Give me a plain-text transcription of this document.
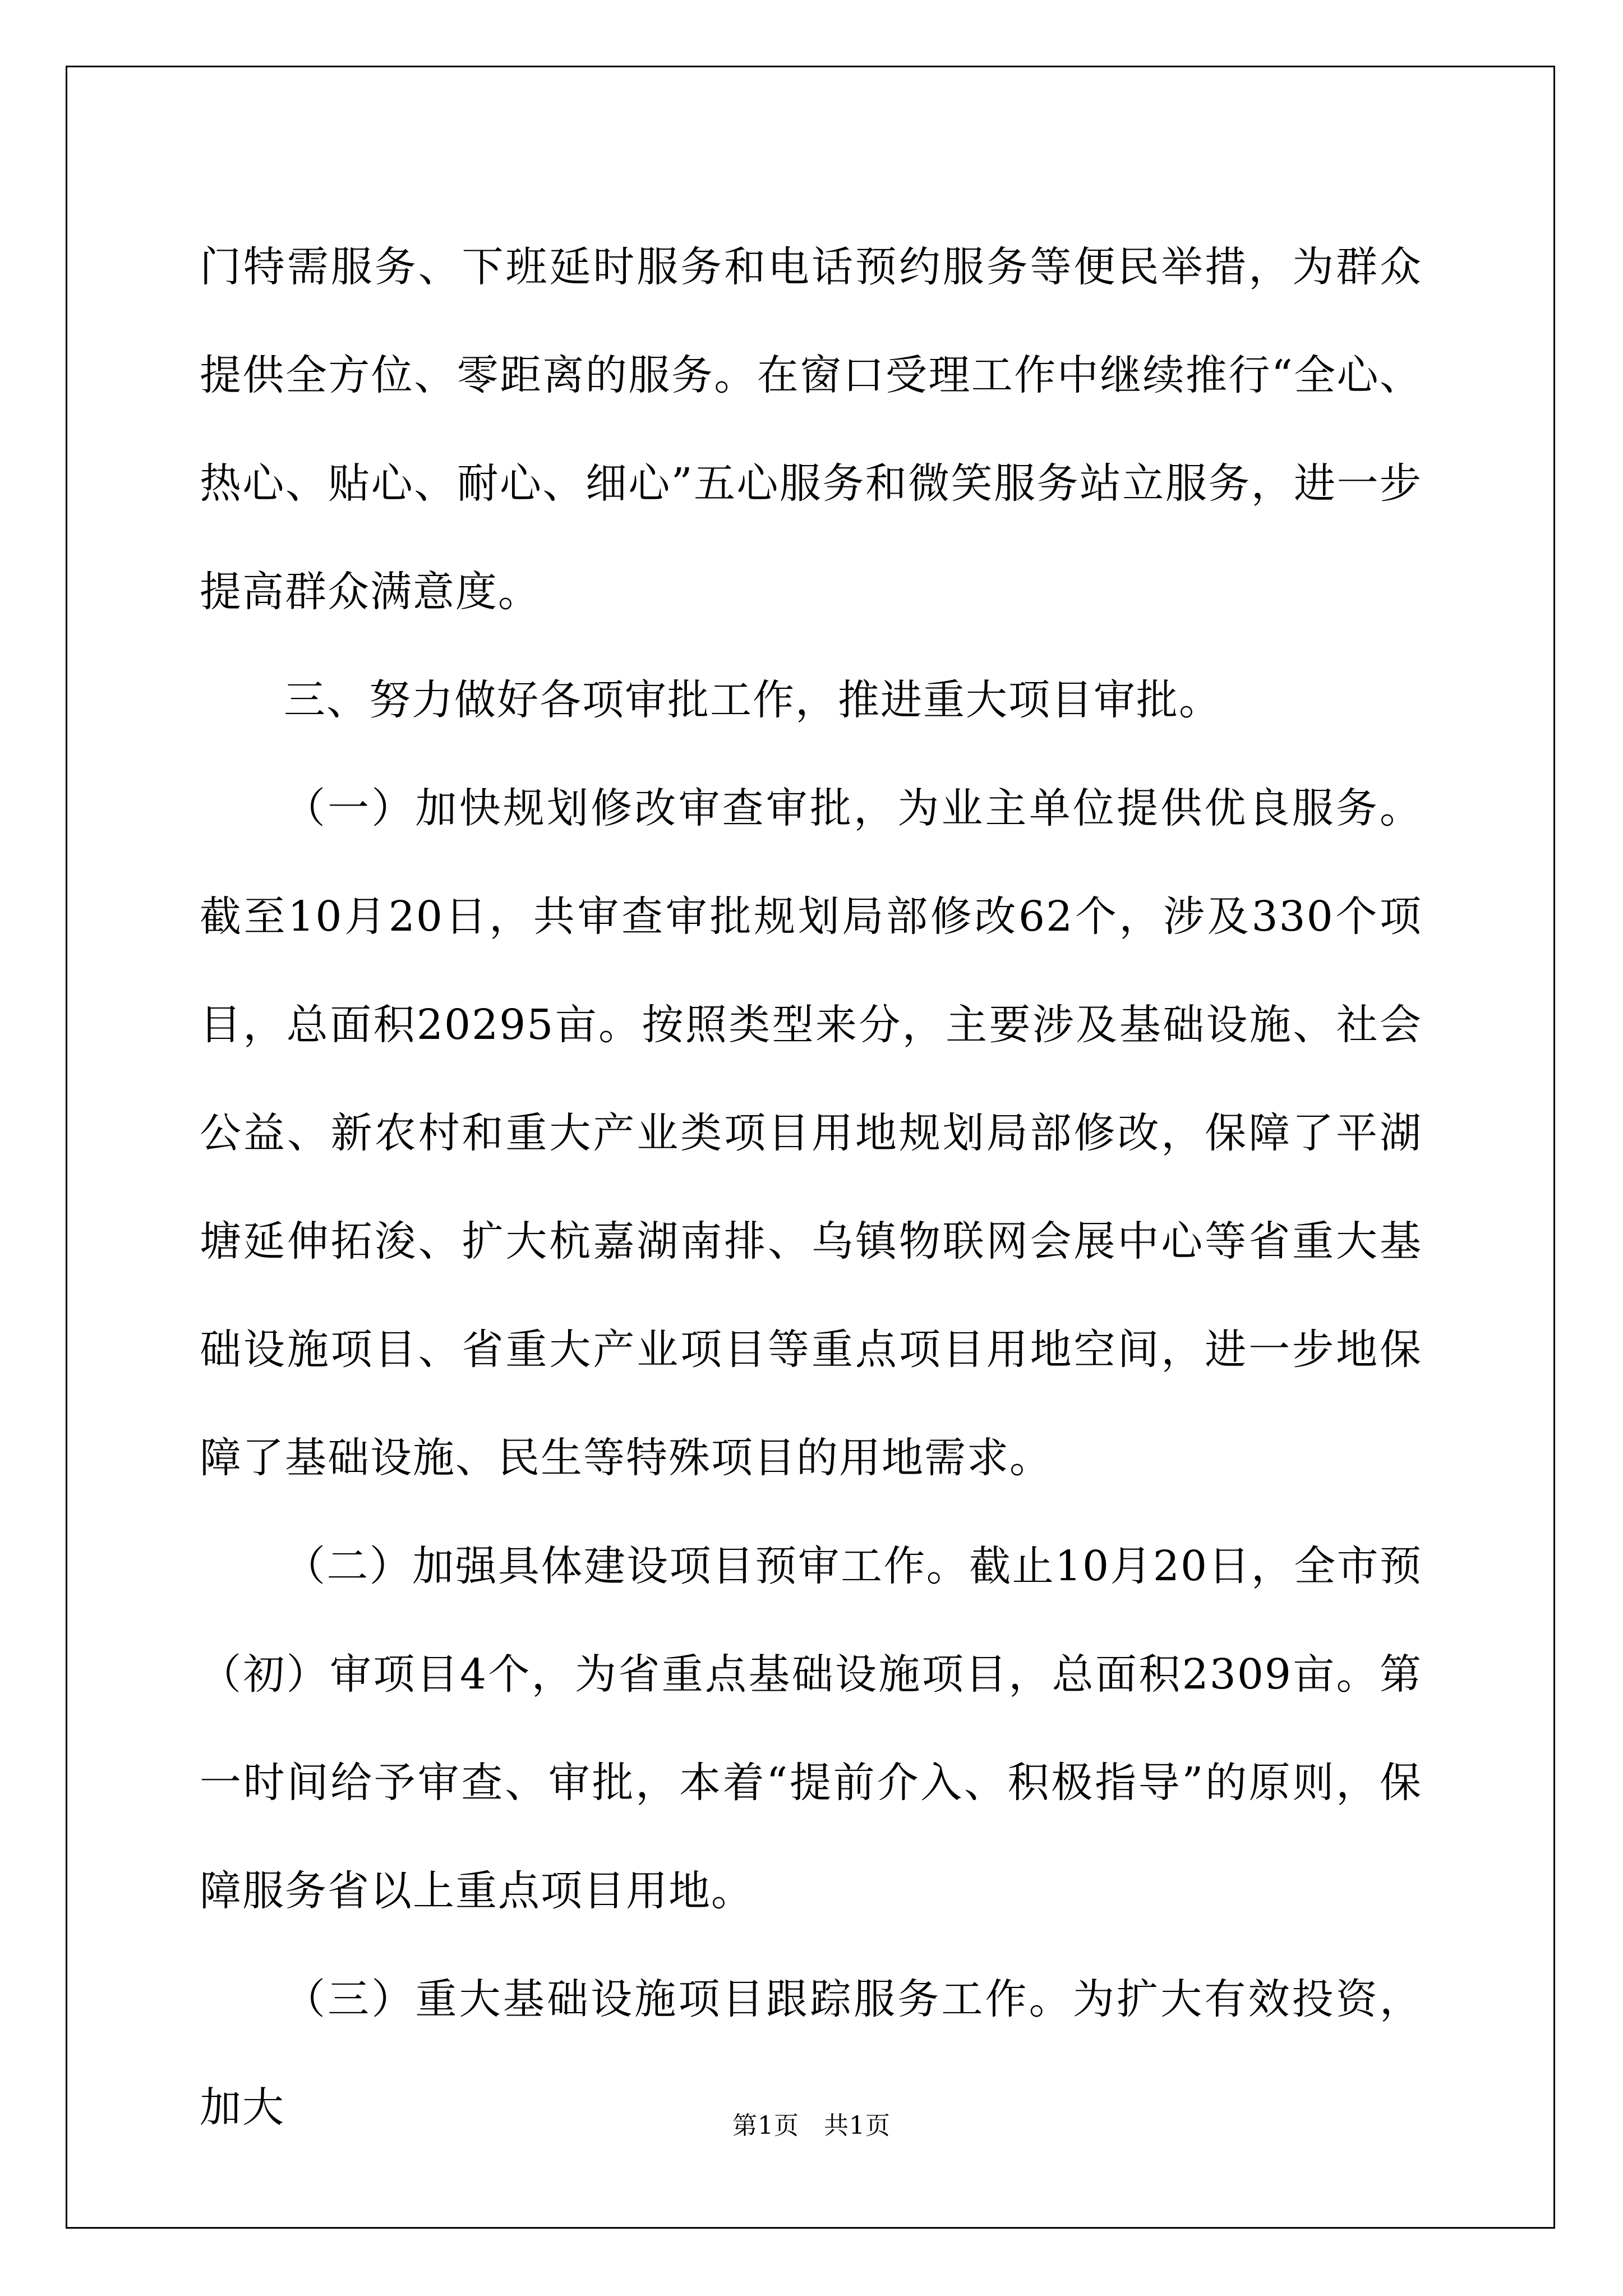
门特需服务、下班延时服务和电话预约服务等便民举措，为群众提供全方位、零距离的服务。在窗口受理工作中继续推行“全心、热心、贴心、耐心、细心”五心服务和微笑服务站立服务，进一步提高群众满意度。

三、努力做好各项审批工作，推进重大项目审批。

（一）加快规划修改审查审批，为业主单位提供优良服务。截至10月20日，共审查审批规划局部修改62个，涉及330个项目，总面积20295亩。按照类型来分，主要涉及基础设施、社会公益、新农村和重大产业类项目用地规划局部修改，保障了平湖塘延伸拓浚、扩大杭嘉湖南排、乌镇物联网会展中心等省重大基础设施项目、省重大产业项目等重点项目用地空间，进一步地保障了基础设施、民生等特殊项目的用地需求。

（二）加强具体建设项目预审工作。截止10月20日，全市预（初）审项目4个，为省重点基础设施项目，总面积2309亩。第一时间给予审查、审批，本着“提前介入、积极指导”的原则，保障服务省以上重点项目用地。

（三）重大基础设施项目跟踪服务工作。为扩大有效投资，加大	第1页 共1页
